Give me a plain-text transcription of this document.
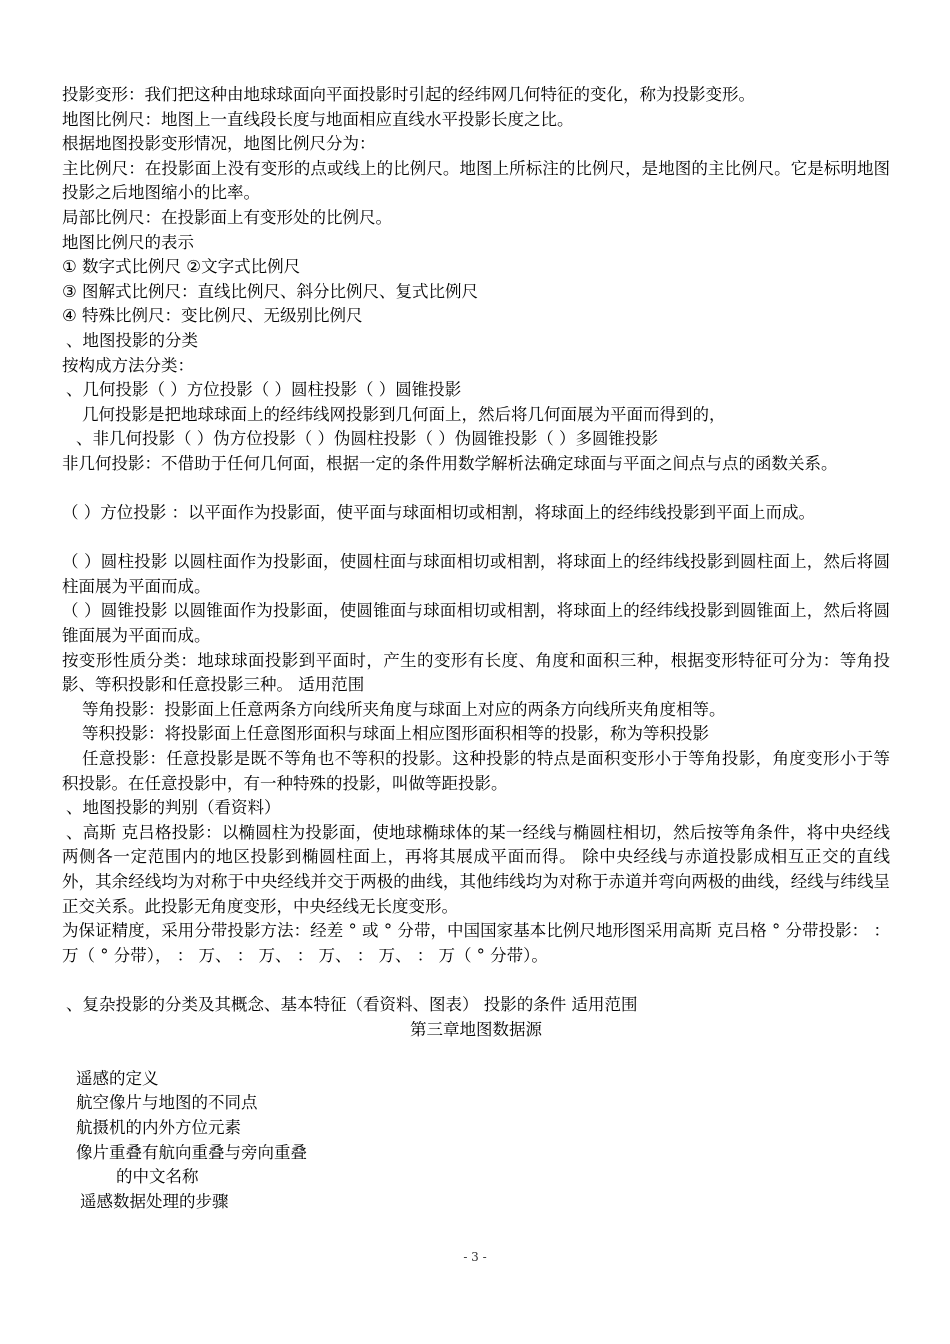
投影变形：我们把这种由地球球面向平面投影时引起的经纬网几何特征的变化，称为投影变形。
地图比例尺：地图上一直线段长度与地面相应直线水平投影长度之比。
根据地图投影变形情况，地图比例尺分为：
主比例尺：在投影面上没有变形的点或线上的比例尺。地图上所标注的比例尺，是地图的主比例尺。它是标明地图投影之后地图缩小的比率。
局部比例尺：在投影面上有变形处的比例尺。
地图比例尺的表示
① 数字式比例尺 ②文字式比例尺
③ 图解式比例尺：直线比例尺、斜分比例尺、复式比例尺
④ 特殊比例尺：变比例尺、无级别比例尺
、地图投影的分类
按构成方法分类：
、几何投影（ ）方位投影（ ）圆柱投影（ ）圆锥投影
几何投影是把地球球面上的经纬线网投影到几何面上，然后将几何面展为平面而得到的，
、非几何投影（ ）伪方位投影（ ）伪圆柱投影（ ）伪圆锥投影（ ）多圆锥投影
非几何投影：不借助于任何几何面，根据一定的条件用数学解析法确定球面与平面之间点与点的函数关系。
（ ）方位投影 ：以平面作为投影面，使平面与球面相切或相割，将球面上的经纬线投影到平面上而成。
（ ）圆柱投影 以圆柱面作为投影面，使圆柱面与球面相切或相割，将球面上的经纬线投影到圆柱面上，然后将圆柱面展为平面而成。
（ ）圆锥投影 以圆锥面作为投影面，使圆锥面与球面相切或相割，将球面上的经纬线投影到圆锥面上，然后将圆锥面展为平面而成。
按变形性质分类：地球球面投影到平面时，产生的变形有长度、角度和面积三种，根据变形特征可分为：等角投影、等积投影和任意投影三种。 适用范围
等角投影：投影面上任意两条方向线所夹角度与球面上对应的两条方向线所夹角度相等。
等积投影：将投影面上任意图形面积与球面上相应图形面积相等的投影，称为等积投影
任意投影：任意投影是既不等角也不等积的投影。这种投影的特点是面积变形小于等角投影，角度变形小于等积投影。在任意投影中，有一种特殊的投影，叫做等距投影。
、地图投影的判别（看资料）
、高斯 克吕格投影：以椭圆柱为投影面，使地球椭球体的某一经线与椭圆柱相切，然后按等角条件，将中央经线两侧各一定范围内的地区投影到椭圆柱面上，再将其展成平面而得。 除中央经线与赤道投影成相互正交的直线外，其余经线均为对称于中央经线并交于两极的曲线，其他纬线均为对称于赤道并弯向两极的曲线，经线与纬线呈正交关系。此投影无角度变形，中央经线无长度变形。
为保证精度，采用分带投影方法：经差 ° 或 ° 分带，中国国家基本比例尺地形图采用高斯 克吕格 ° 分带投影： ： 万（ ° 分带）， ： 万、 ： 万、 ： 万、 ： 万、 ： 万（ ° 分带）。
、复杂投影的分类及其概念、基本特征（看资料、图表） 投影的条件 适用范围
第三章地图数据源
遥感的定义
航空像片与地图的不同点
航摄机的内外方位元素
像片重叠有航向重叠与旁向重叠
的中文名称
遥感数据处理的步骤
- 3 -
